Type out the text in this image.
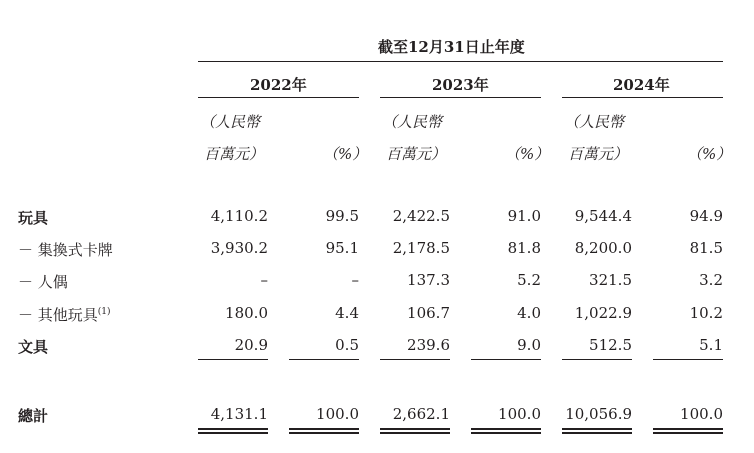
截至12月31日止年度
2022年	2023年	2024年
（人民幣
百萬元）	（%）
（人民幣
百萬元）	（%）
（人民幣
百萬元）	（%）
玩具	4,110.2	99.5 2,422.5	91.0 9,544.4	94.9
－ 集換式卡牌	3,930.2	95.1 2,178.5	81.8 8,200.0	81.5
－ 人偶	–	–	137.3	5.2	321.5	3.2
－ 其他玩具$^{(1)}$	180.0	4.4	106.7	4.0 1,022.9	10.2
文具	20.9	0.5	239.6	9.0	512.5	5.1
總計	4,131.1	100.0 2,662.1	100.0 10,056.9	100.0
